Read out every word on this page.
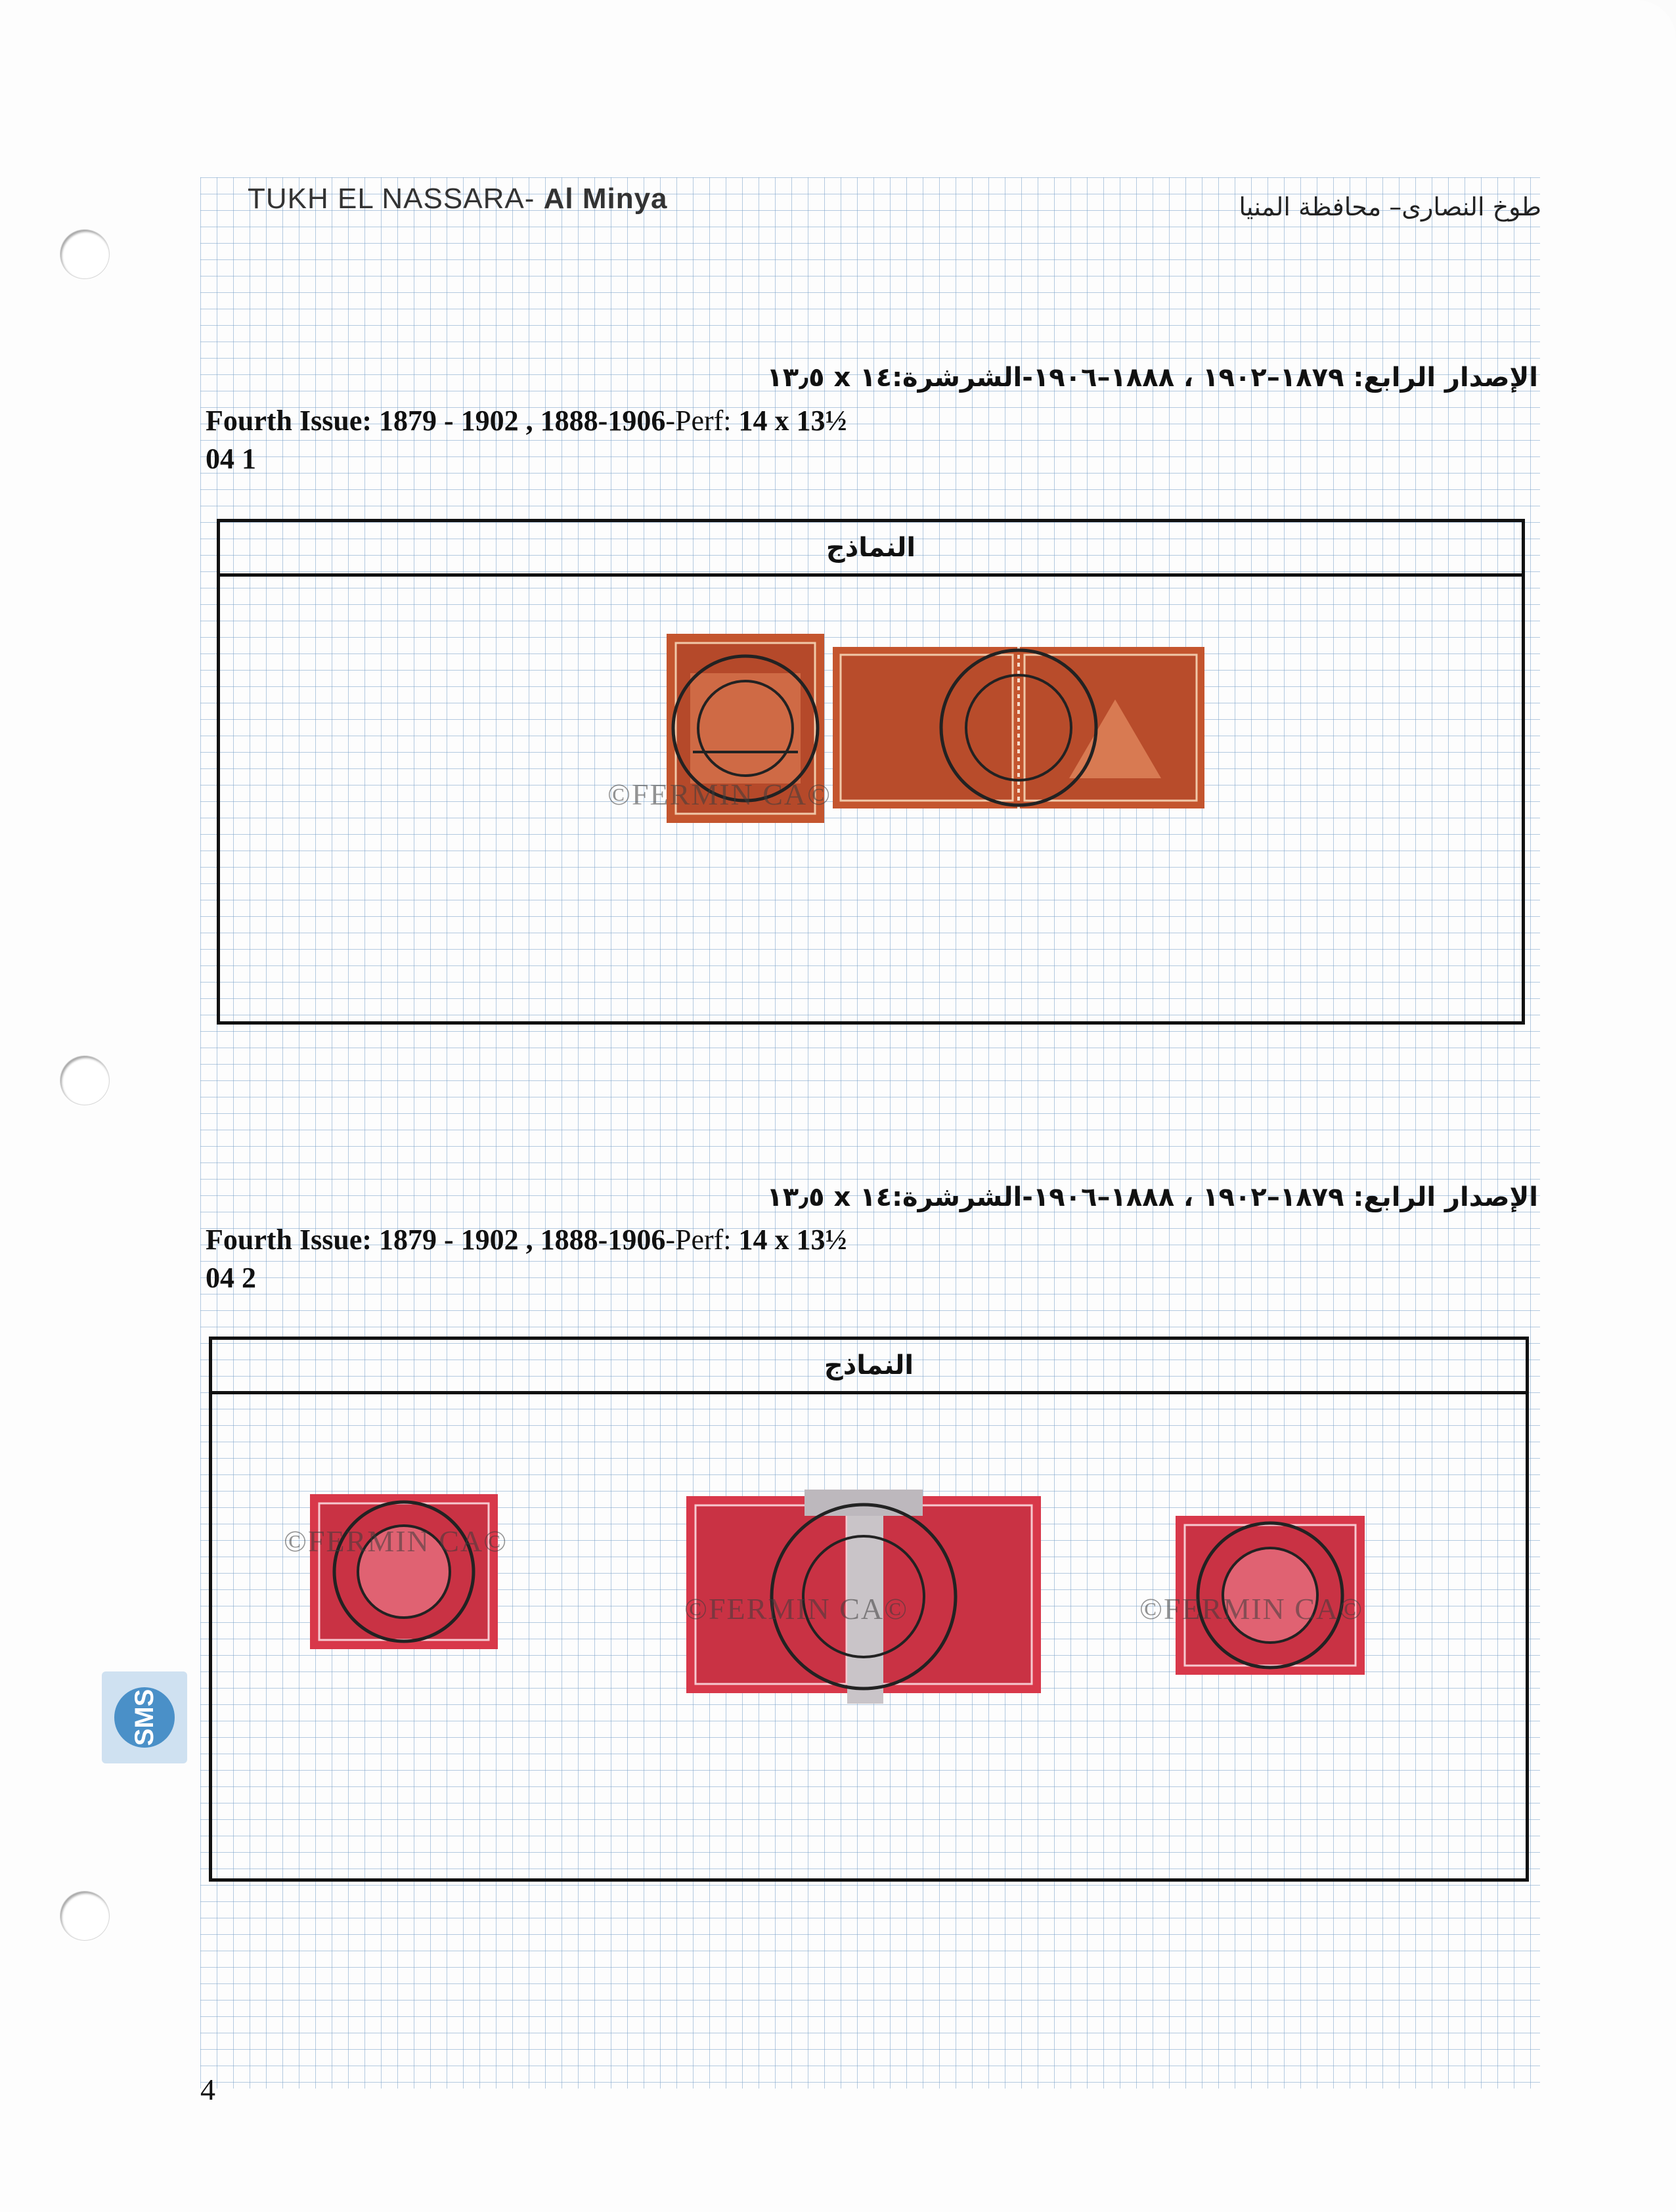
TUKH EL NASSARA- Al Minya	طوخ النصارى– محافظة المنيا
الإصدار الرابع: ١٨٧٩–١٩٠٢ ، ١٨٨٨–١٩٠٦-الشرشرة:١٤ x ١٣٫٥
Fourth Issue: 1879 - 1902 , 1888-1906-Perf: 14 x 13½
04 1
النماذج
©FERMIN CA©
الإصدار الرابع: ١٨٧٩–١٩٠٢ ، ١٨٨٨–١٩٠٦-الشرشرة:١٤ x ١٣٫٥
Fourth Issue: 1879 - 1902 , 1888-1906-Perf: 14 x 13½
04 2
النماذج
©FERMIN CA©
©FERMIN CA©	©FERMIN CA©
SMS
4
